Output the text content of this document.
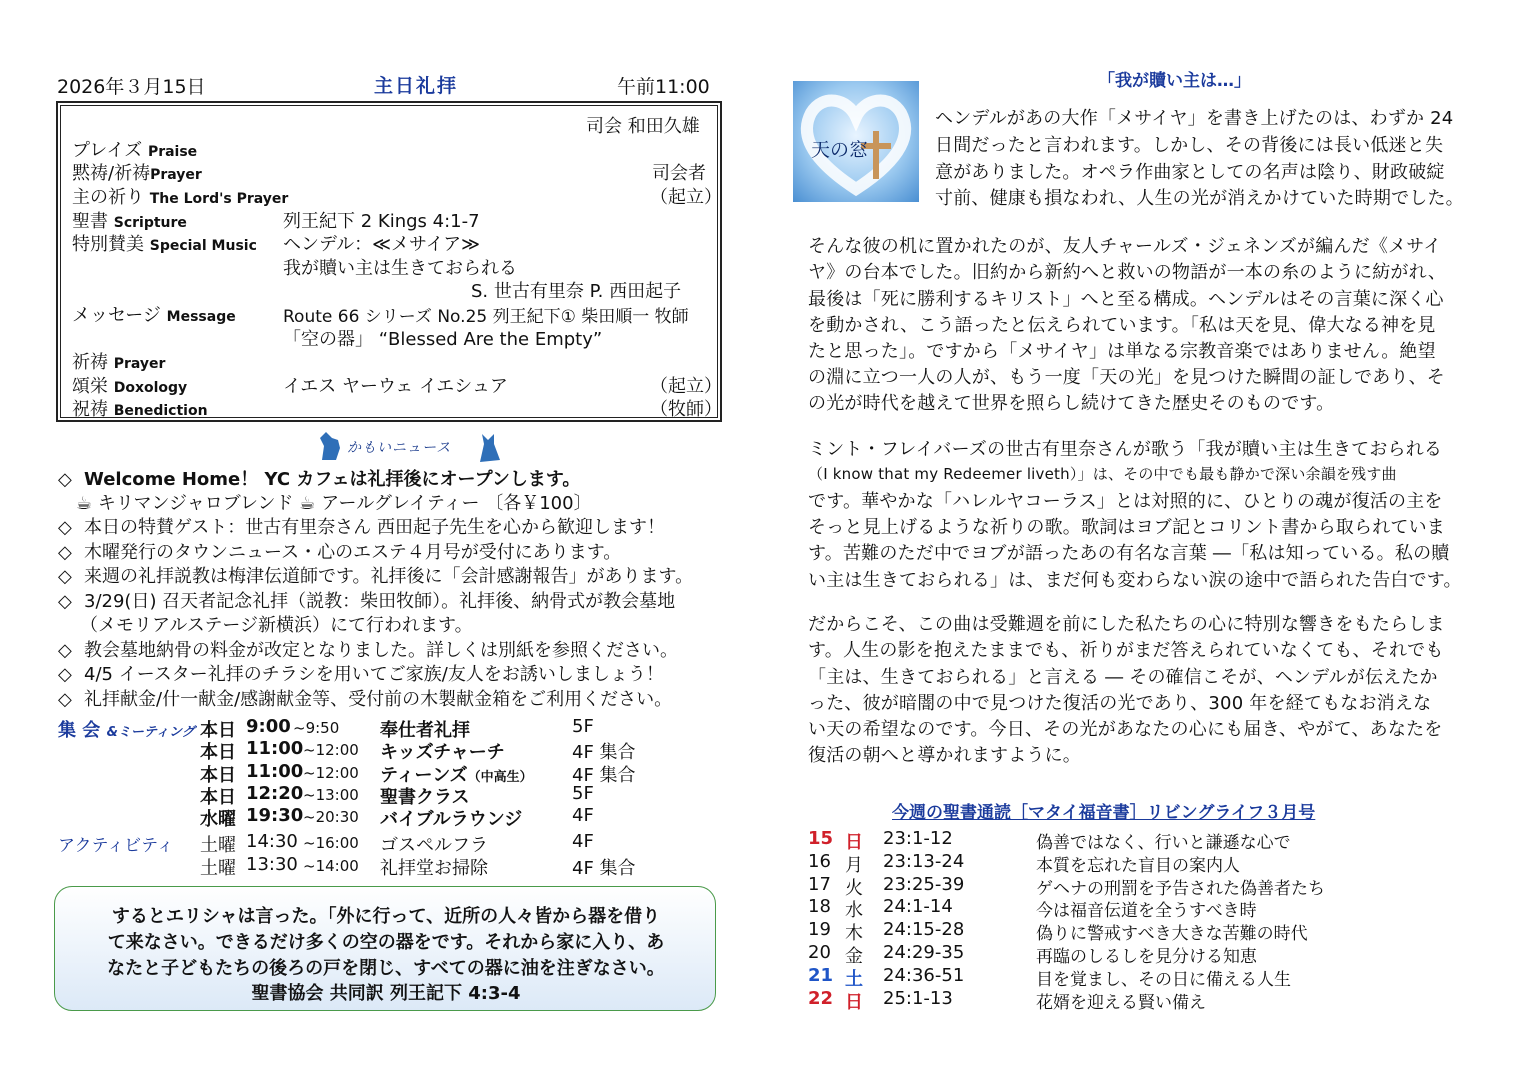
2026年３月15日	主日礼拝	午前11:00
司会 和田久雄
プレイズ Praise
黙祷/祈祷Prayer	司会者
主の祈り The Lord's Prayer	（起立）
聖書 Scripture	列王紀下 2 Kings 4:1-7
特別賛美 Special Music ヘンデル：≪メサイア≫
我が贖い主は生きておられる
S. 世古有里奈 P. 西田起子
メッセージ Message	Route 66 シリーズ No.25 列王紀下① 柴田順一 牧師
「空の器」 “Blessed Are the Empty”
祈祷 Prayer
頌栄 Doxology	イエス ヤーウェ イエシュア	（起立）
祝祷 Benediction	（牧師）
かもいニュース
◇ Welcome Home！ YC カフェは礼拝後にオープンします。
☕ キリマンジャロブレンド ☕ アールグレイティー 〔各￥100〕
◇ 本日の特賛ゲスト：世古有里奈さん 西田起子先生を心から歓迎します！
◇ 木曜発行のタウンニュース・心のエステ４月号が受付にあります。
◇ 来週の礼拝説教は梅津伝道師です。礼拝後に「会計感謝報告」があります。
◇ 3/29(日) 召天者記念礼拝（説教：柴田牧師）。礼拝後、納骨式が教会墓地
（メモリアルステージ新横浜）にて行われます。
◇ 教会墓地納骨の料金が改定となりました。詳しくは別紙を参照ください。
◇ 4/5 イースター礼拝のチラシを用いてご家族/友人をお誘いしましょう！
◇ 礼拝献金/什一献金/感謝献金等、受付前の木製献金箱をご利用ください。
集 会 &ミーティング 本日 9:00 ~9:50 奉仕者礼拝	5F
本日 11:00 ~12:00 キッズチャーチ	4F 集合
本日 11:00 ~12:00 ティーンズ（中高生） 4F 集合
本日 12:20 ~13:00 聖書クラス	5F
水曜 19:30 ~20:30 バイブルラウンジ	4F
アクティビティ 土曜 14:30 ~16:00 ゴスペルフラ	4F
土曜 13:30 ~14:00 礼拝堂お掃除	4F 集合
するとエリシャは言った。「外に行って、近所の人々皆から器を借り
て来なさい。できるだけ多くの空の器をです。それから家に入り、あ
なたと子どもたちの後ろの戸を閉じ、すべての器に油を注ぎなさい。
聖書協会 共同訳 列王記下 4:3-4
「我が贖い主は…」
天の窓
ヘンデルがあの大作「メサイヤ」を書き上げたのは、わずか 24
日間だったと言われます。しかし、その背後には長い低迷と失
意がありました。オペラ作曲家としての名声は陰り、財政破綻
寸前、健康も損なわれ、人生の光が消えかけていた時期でした。
そんな彼の机に置かれたのが、友人チャールズ・ジェネンズが編んだ《メサイ
ヤ》の台本でした。旧約から新約へと救いの物語が一本の糸のように紡がれ、
最後は「死に勝利するキリスト」へと至る構成。ヘンデルはその言葉に深く心
を動かされ、こう語ったと伝えられています。「私は天を見、偉大なる神を見
たと思った」。ですから「メサイヤ」は単なる宗教音楽ではありません。絶望
の淵に立つ一人の人が、もう一度「天の光」を見つけた瞬間の証しであり、そ
の光が時代を越えて世界を照らし続けてきた歴史そのものです。
ミント・フレイバーズの世古有里奈さんが歌う「我が贖い主は生きておられる
（I know that my Redeemer liveth）」は、その中でも最も静かで深い余韻を残す曲
です。華やかな「ハレルヤコーラス」とは対照的に、ひとりの魂が復活の主を
そっと見上げるような祈りの歌。歌詞はヨブ記とコリント書から取られていま
す。苦難のただ中でヨブが語ったあの有名な言葉 ―「私は知っている。私の贖
い主は生きておられる」は、まだ何も変わらない涙の途中で語られた告白です。
だからこそ、この曲は受難週を前にした私たちの心に特別な響きをもたらしま
す。人生の影を抱えたままでも、祈りがまだ答えられていなくても、それでも
「主は、生きておられる」と言える ― その確信こそが、ヘンデルが伝えたか
った、彼が暗闇の中で見つけた復活の光であり、300 年を経てもなお消えな
い天の希望なのです。今日、その光があなたの心にも届き、やがて、あなたを
復活の朝へと導かれますように。
今週の聖書通読［マタイ福音書］リビングライフ３月号
15 日 23:1-12	偽善ではなく、行いと謙遜な心で
16 月 23:13-24	本質を忘れた盲目の案内人
17 火 23:25-39	ゲヘナの刑罰を予告された偽善者たち
18 水 24:1-14	今は福音伝道を全うすべき時
19 木 24:15-28	偽りに警戒すべき大きな苦難の時代
20 金 24:29-35	再臨のしるしを見分ける知恵
21 土 24:36-51	目を覚まし、その日に備える人生
22 日 25:1-13	花婿を迎える賢い備え
